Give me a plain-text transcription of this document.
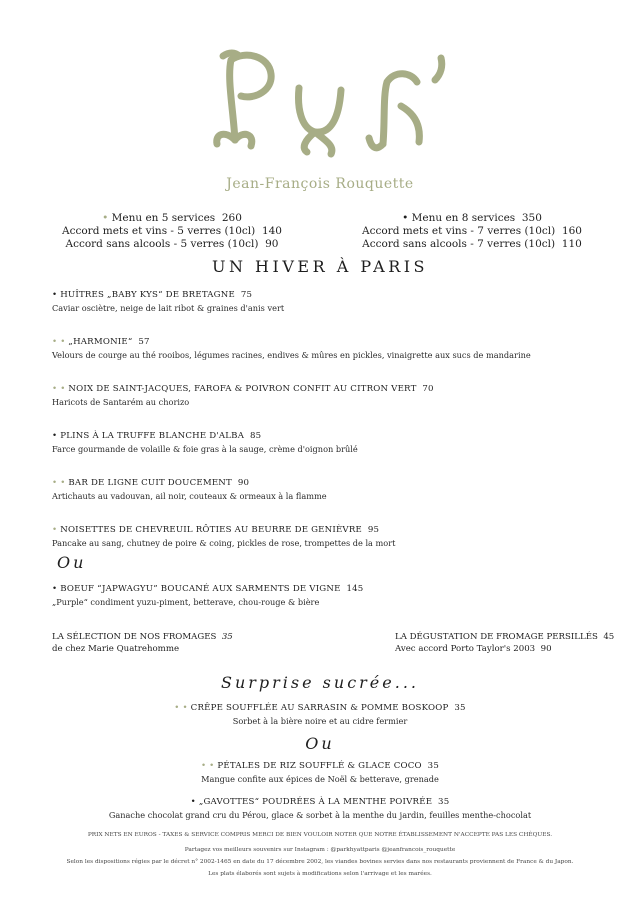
Jean-François Rouquette
• Menu en 5 services 260
Accord mets et vins - 5 verres (10cl) 140
Accord sans alcools - 5 verres (10cl) 90
• Menu en 8 services 350
Accord mets et vins - 7 verres (10cl) 160
Accord sans alcools - 7 verres (10cl) 110
UN HIVER À PARIS
• HUÎTRES „BABY KYS“ DE BRETAGNE 75
Caviar osciètre, neige de lait ribot & graines d'anis vert
• • „HARMONIE“ 57
Velours de courge au thé rooibos, légumes racines, endives & mûres en pickles, vinaigrette aux sucs de mandarine
• • NOIX DE SAINT-JACQUES, FAROFA & POIVRON CONFIT AU CITRON VERT 70
Haricots de Santarém au chorizo
• PLINS À LA TRUFFE BLANCHE D'ALBA 85
Farce gourmande de volaille & foie gras à la sauge, crème d'oignon brûlé
• • BAR DE LIGNE CUIT DOUCEMENT 90
Artichauts au vadouvan, ail noir, couteaux & ormeaux à la flamme
• NOISETTES DE CHEVREUIL RÔTIES AU BEURRE DE GENIÈVRE 95
Pancake au sang, chutney de poire & coing, pickles de rose, trompettes de la mort
Ou
• BOEUF “JAPWAGYU” BOUCANÉ AUX SARMENTS DE VIGNE 145
„Purple“ condiment yuzu-piment, betterave, chou-rouge & bière
LA SÉLECTION DE NOS FROMAGES 35
de chez Marie Quatrehomme
LA DÉGUSTATION DE FROMAGE PERSILLÉS 45
Avec accord Porto Taylor's 2003 90
Surprise sucrée...
• • CRÊPE SOUFFLÉE AU SARRASIN & POMME BOSKOOP 35
Sorbet à la bière noire et au cidre fermier
Ou
• • PÉTALES DE RIZ SOUFFLÉ & GLACE COCO 35
Mangue confite aux épices de Noël & betterave, grenade
• „GAVOTTES“ POUDRÉES À LA MENTHE POIVRÉE 35
Ganache chocolat grand cru du Pérou, glace & sorbet à la menthe du jardin, feuilles menthe-chocolat
PRIX NETS EN EUROS - TAXES & SERVICE COMPRIS MERCI DE BIEN VOULOIR NOTER QUE NOTRE ÉTABLISSEMENT N'ACCEPTE PAS LES CHÈQUES.
Partagez vos meilleurs souvenirs sur Instagram : @parkhyattparis @jeanfrancois_rouquette
Selon les dispositions régies par le décret n° 2002-1465 en date du 17 décembre 2002, les viandes bovines servies dans nos restaurants proviennent de France & du Japon.
Les plats élaborés sont sujets à modifications selon l'arrivage et les marées.
